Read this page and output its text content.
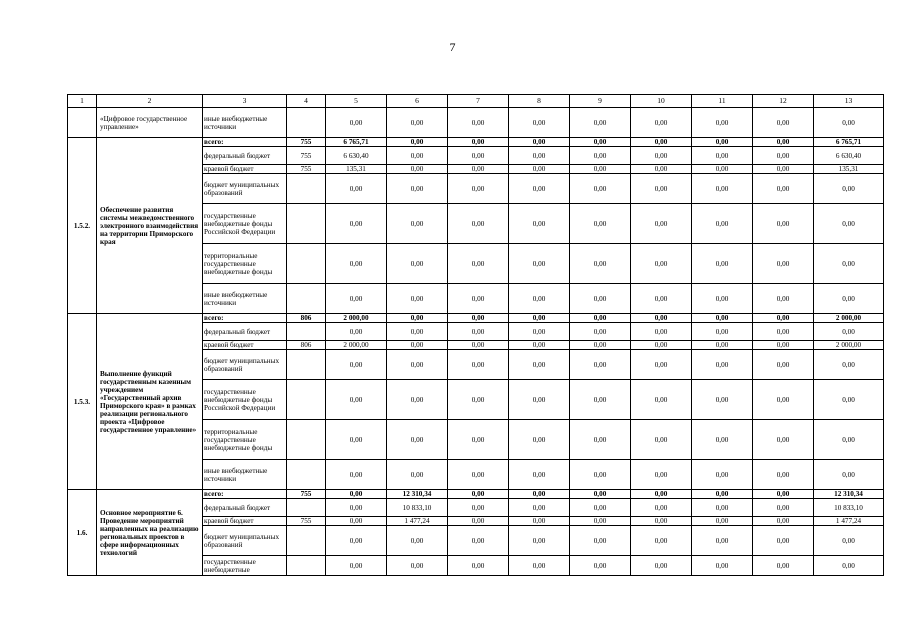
7
1	2	3	4	5	6	7	8	9	10	11	12	13
	«Цифровое государственное управление»	иные внебюджетные источники		0,00	0,00	0,00	0,00	0,00	0,00	0,00	0,00	0,00
1.5.2.	Обеспечение развития системы межведомственного электронного взаимодействия на территории Приморского края	всего:	755	6 765,71	0,00	0,00	0,00	0,00	0,00	0,00	0,00	6 765,71
		федеральный бюджет	755	6 630,40	0,00	0,00	0,00	0,00	0,00	0,00	0,00	6 630,40
		краевой бюджет	755	135,31	0,00	0,00	0,00	0,00	0,00	0,00	0,00	135,31
		бюджет муниципальных образований		0,00	0,00	0,00	0,00	0,00	0,00	0,00	0,00	0,00
		государственные внебюджетные фонды Российской Федерации		0,00	0,00	0,00	0,00	0,00	0,00	0,00	0,00	0,00
		территориальные государственные внебюджетные фонды		0,00	0,00	0,00	0,00	0,00	0,00	0,00	0,00	0,00
		иные внебюджетные источники		0,00	0,00	0,00	0,00	0,00	0,00	0,00	0,00	0,00
1.5.3.	Выполнение функций государственным казенным учреждением «Государственный архив Приморского края» в рамках реализации регионального проекта «Цифровое государственное управление»	всего:	806	2 000,00	0,00	0,00	0,00	0,00	0,00	0,00	0,00	2 000,00
		федеральный бюджет		0,00	0,00	0,00	0,00	0,00	0,00	0,00	0,00	0,00
		краевой бюджет	806	2 000,00	0,00	0,00	0,00	0,00	0,00	0,00	0,00	2 000,00
		бюджет муниципальных образований		0,00	0,00	0,00	0,00	0,00	0,00	0,00	0,00	0,00
		государственные внебюджетные фонды Российской Федерации		0,00	0,00	0,00	0,00	0,00	0,00	0,00	0,00	0,00
		территориальные государственные внебюджетные фонды		0,00	0,00	0,00	0,00	0,00	0,00	0,00	0,00	0,00
		иные внебюджетные источники		0,00	0,00	0,00	0,00	0,00	0,00	0,00	0,00	0,00
1.6.	Основное мероприятие 6. Проведение мероприятий направленных на реализацию региональных проектов в сфере информационных технологий	всего:	755	0,00	12 310,34	0,00	0,00	0,00	0,00	0,00	0,00	12 310,34
		федеральный бюджет		0,00	10 833,10	0,00	0,00	0,00	0,00	0,00	0,00	10 833,10
		краевой бюджет	755	0,00	1 477,24	0,00	0,00	0,00	0,00	0,00	0,00	1 477,24
		бюджет муниципальных образований		0,00	0,00	0,00	0,00	0,00	0,00	0,00	0,00	0,00
		государственные внебюджетные		0,00	0,00	0,00	0,00	0,00	0,00	0,00	0,00	0,00
